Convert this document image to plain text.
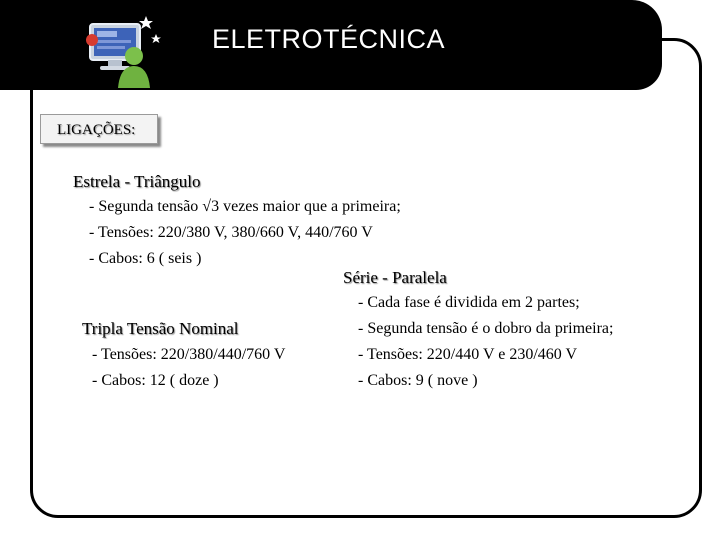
ELETROTÉCNICA
LIGAÇÕES:
Estrela - Triângulo
- Segunda tensão √3 vezes maior que a primeira;
- Tensões: 220/380 V, 380/660 V, 440/760 V
- Cabos: 6 ( seis )
Série - Paralela
- Cada fase é dividida em 2 partes;
- Segunda tensão é o dobro da primeira;
- Tensões: 220/440 V e 230/460 V
- Cabos: 9 ( nove )
Tripla Tensão Nominal
- Tensões: 220/380/440/760 V
- Cabos: 12 ( doze )
